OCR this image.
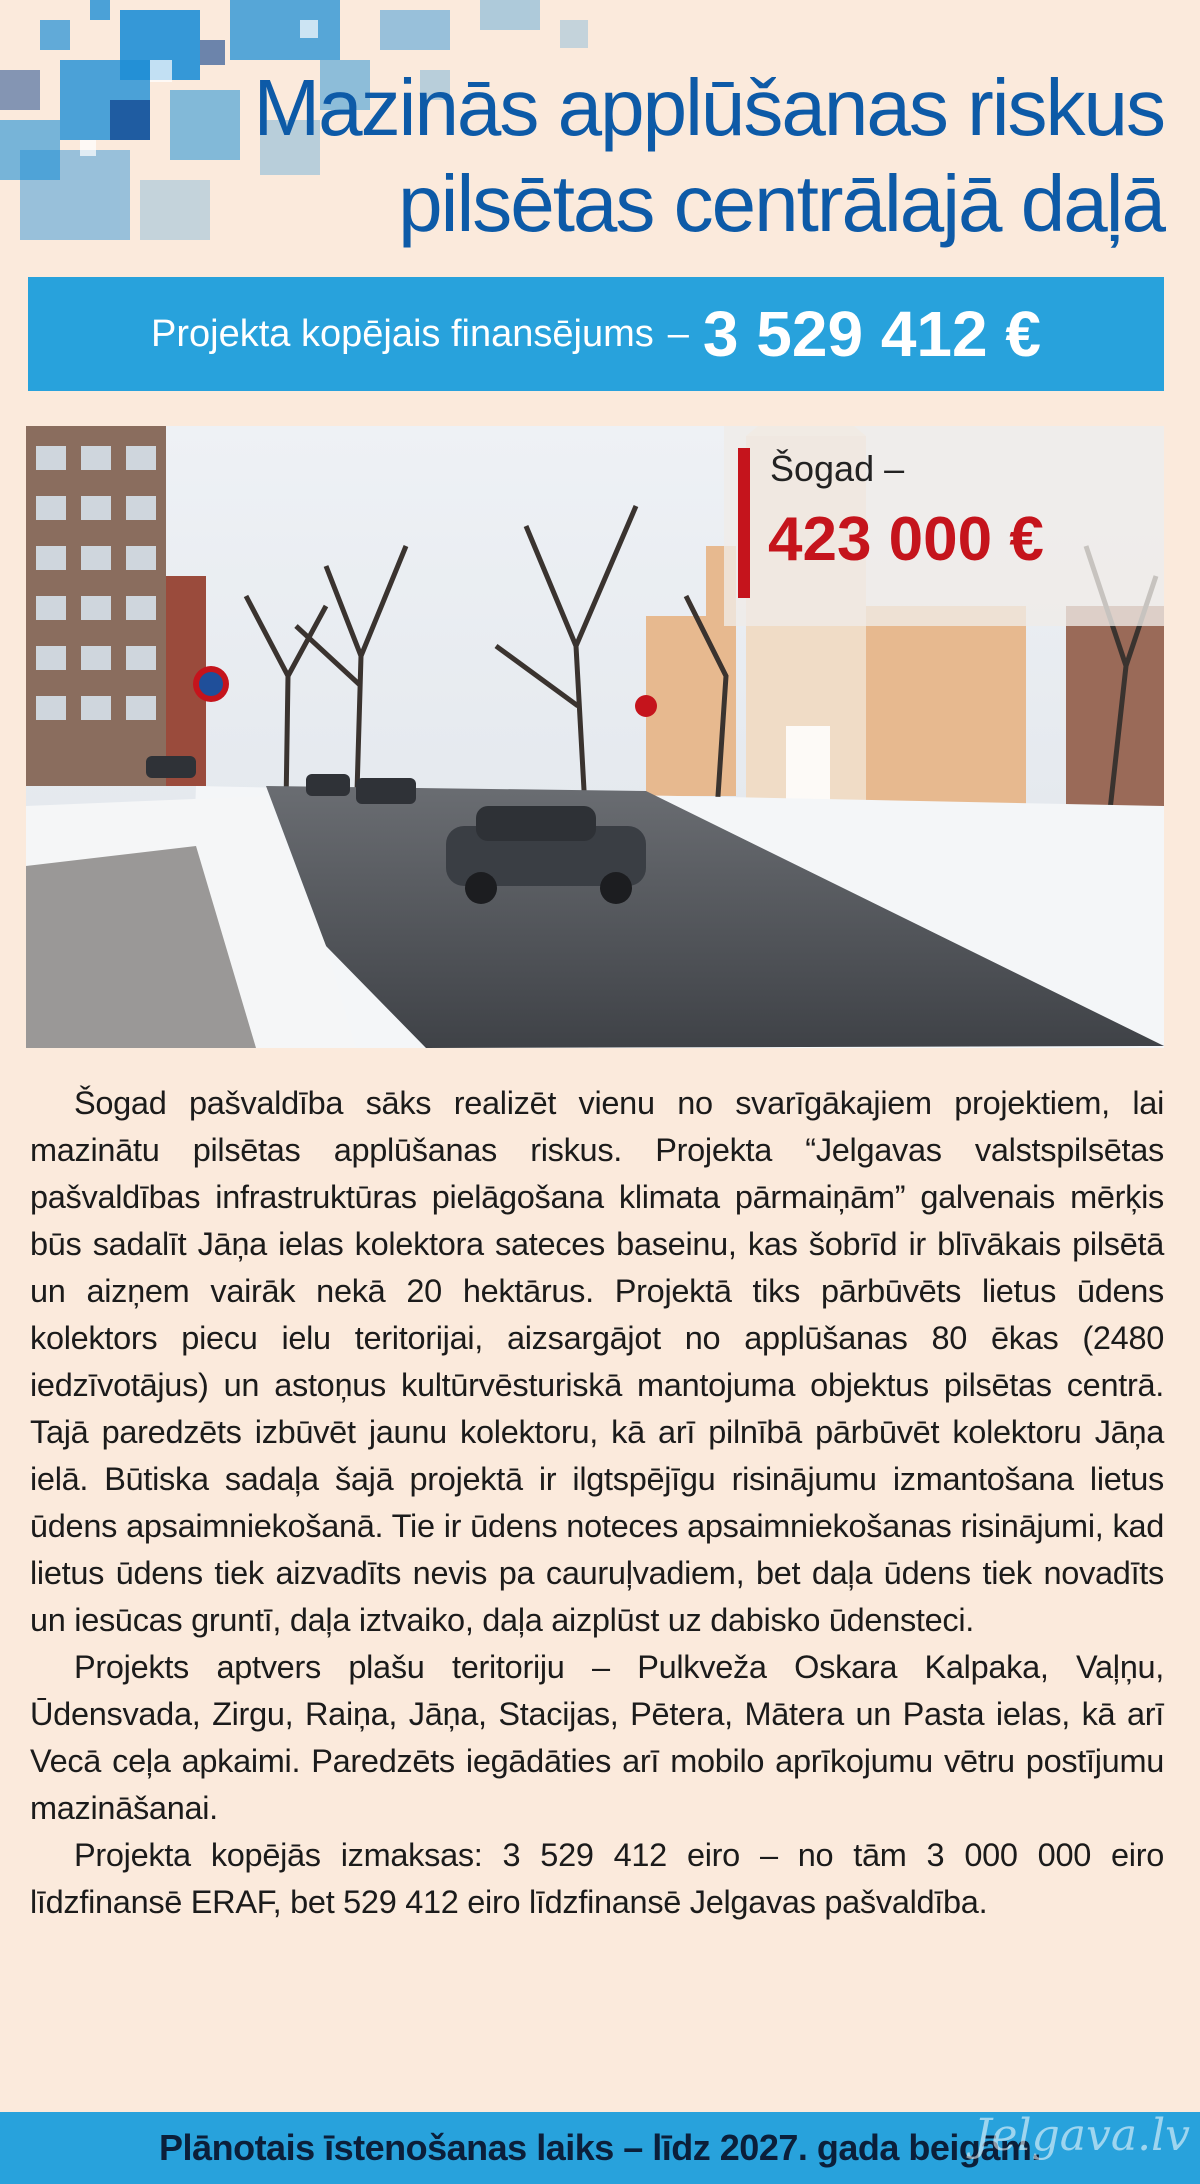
Mazinās applūšanas riskus pilsētas centrālajā daļā
Projekta kopējais finansējums – 3 529 412 €
Šogad –
423 000 €

Šogad pašvaldība sāks realizēt vienu no svarīgākajiem projektiem, lai mazinātu pilsētas applūšanas riskus. Projekta “Jelgavas valstspilsētas pašvaldības infrastruktūras pielāgošana klimata pārmaiņām” galvenais mērķis būs sadalīt Jāņa ielas kolektora sateces baseinu, kas šobrīd ir blīvākais pilsētā un aizņem vairāk nekā 20 hektārus. Projektā tiks pārbūvēts lietus ūdens kolektors piecu ielu teritorijai, aizsargājot no applūšanas 80 ēkas (2480 iedzīvotājus) un astoņus kultūrvēsturiskā mantojuma objektus pilsētas centrā. Tajā paredzēts izbūvēt jaunu kolektoru, kā arī pilnībā pārbūvēt kolektoru Jāņa ielā. Būtiska sadaļa šajā projektā ir ilgtspējīgu risinājumu izmantošana lietus ūdens apsaimniekošanā. Tie ir ūdens noteces apsaimniekošanas risinājumi, kad lietus ūdens tiek aizvadīts nevis pa cauruļvadiem, bet daļa ūdens tiek novadīts un iesūcas gruntī, daļa iztvaiko, daļa aizplūst uz dabisko ūdensteci.

Projekts aptvers plašu teritoriju – Pulkveža Oskara Kalpaka, Vaļņu, Ūdensvada, Zirgu, Raiņa, Jāņa, Stacijas, Pētera, Mātera un Pasta ielas, kā arī Vecā ceļa apkaimi. Paredzēts iegādāties arī mobilo aprīkojumu vētru postījumu mazināšanai.

Projekta kopējās izmaksas: 3 529 412 eiro – no tām 3 000 000 eiro līdzfinansē ERAF, bet 529 412 eiro līdzfinansē Jelgavas pašvaldība.

Plānotais īstenošanas laiks – līdz 2027. gada beigām.
Jelgava.lv
